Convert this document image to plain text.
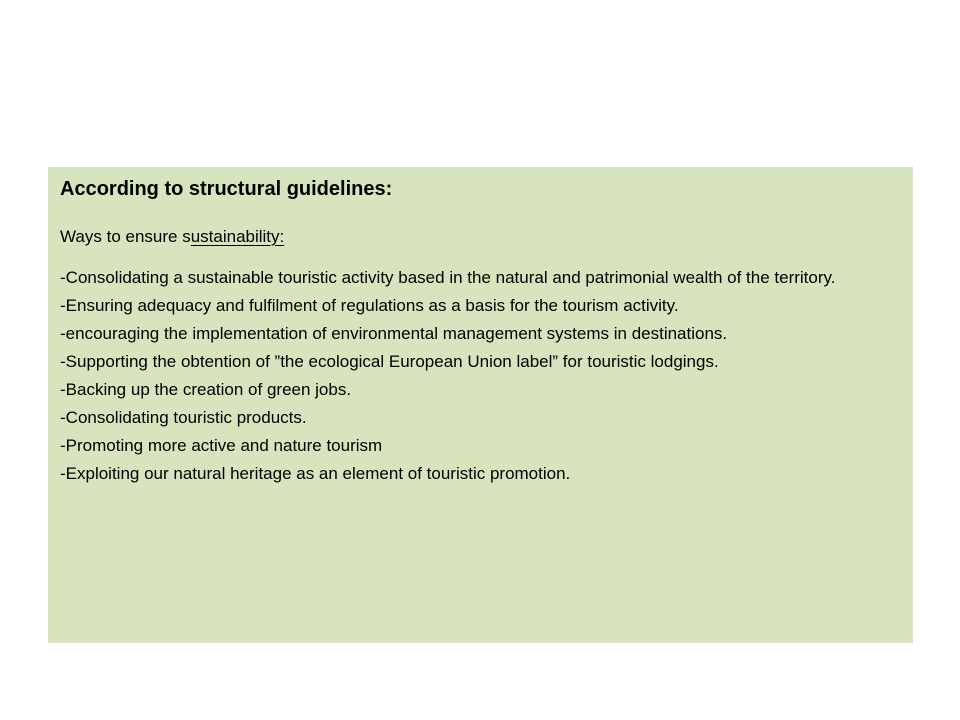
According to structural guidelines:
Ways to ensure sustainability:
-Consolidating a sustainable touristic activity based in the natural and patrimonial wealth of the territory.
-Ensuring adequacy and fulfilment of regulations as a basis for the tourism activity.
-encouraging the implementation of environmental management systems in destinations.
-Supporting the obtention of ”the ecological European Union label” for touristic lodgings.
-Backing up the creation of green jobs.
-Consolidating touristic products.
-Promoting more active and nature tourism
-Exploiting our natural heritage as an element of touristic promotion.
